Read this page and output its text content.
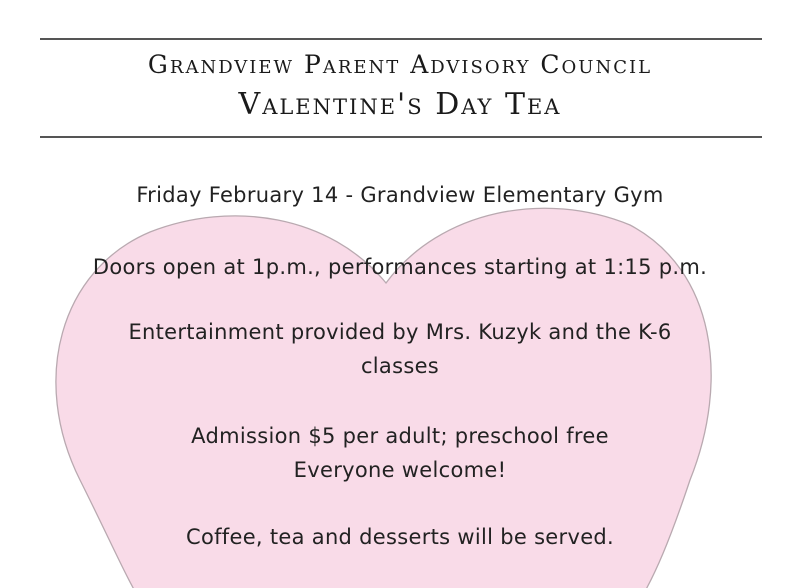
Grandview Parent Advisory Council
Valentine's Day Tea
Friday February 14 - Grandview Elementary Gym
Doors open at 1p.m., performances starting at 1:15 p.m.
Entertainment provided by Mrs. Kuzyk and the K-6
classes
Admission $5 per adult; preschool free
Everyone welcome!
Coffee, tea and desserts will be served.
